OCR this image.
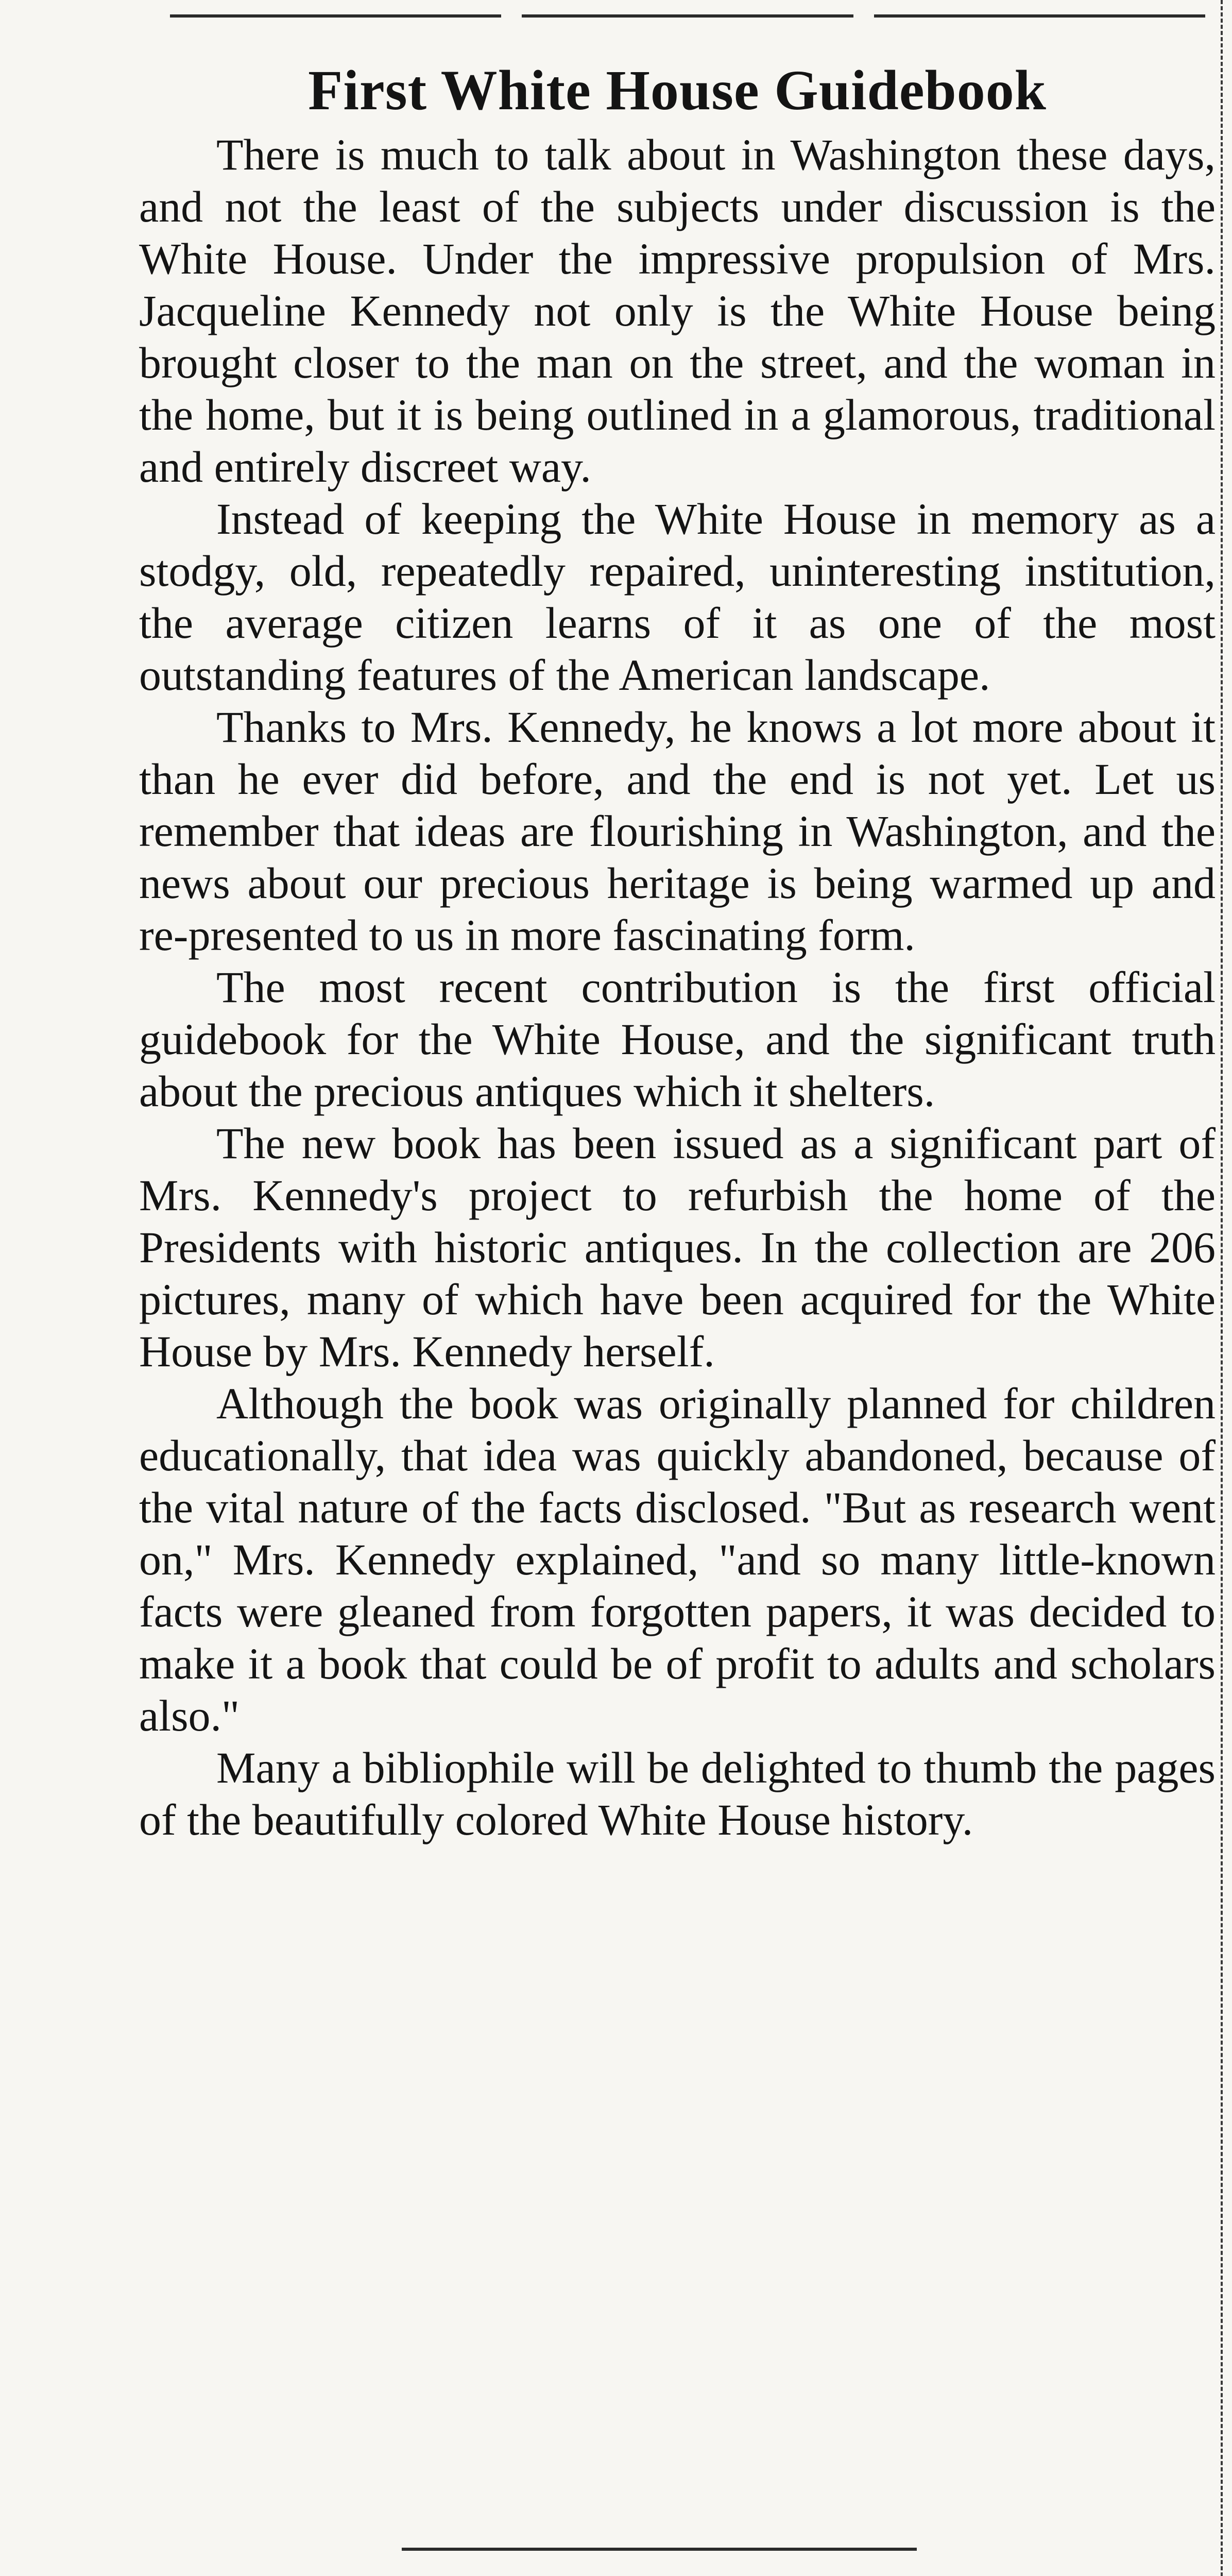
First White House Guidebook

There is much to talk about in Washington these days, and not the least of the subjects under discussion is the White House. Under the impressive propulsion of Mrs. Jacqueline Kennedy not only is the White House being brought closer to the man on the street, and the woman in the home, but it is being outlined in a glamorous, traditional and entirely discreet way.

Instead of keeping the White House in memory as a stodgy, old, repeatedly repaired, uninteresting institution, the average citizen learns of it as one of the most outstanding features of the American landscape.

Thanks to Mrs. Kennedy, he knows a lot more about it than he ever did before, and the end is not yet. Let us remember that ideas are flourishing in Washington, and the news about our precious heritage is being warmed up and re-presented to us in more fascinating form.

The most recent contribution is the first official guidebook for the White House, and the significant truth about the precious antiques which it shelters.

The new book has been issued as a significant part of Mrs. Kennedy's project to refurbish the home of the Presidents with historic antiques. In the collection are 206 pictures, many of which have been acquired for the White House by Mrs. Kennedy herself.

Although the book was originally planned for children educationally, that idea was quickly abandoned, because of the vital nature of the facts disclosed. "But as research went on," Mrs. Kennedy explained, "and so many little-known facts were gleaned from forgotten papers, it was decided to make it a book that could be of profit to adults and scholars also."

Many a bibliophile will be delighted to thumb the pages of the beautifully colored White House history.
